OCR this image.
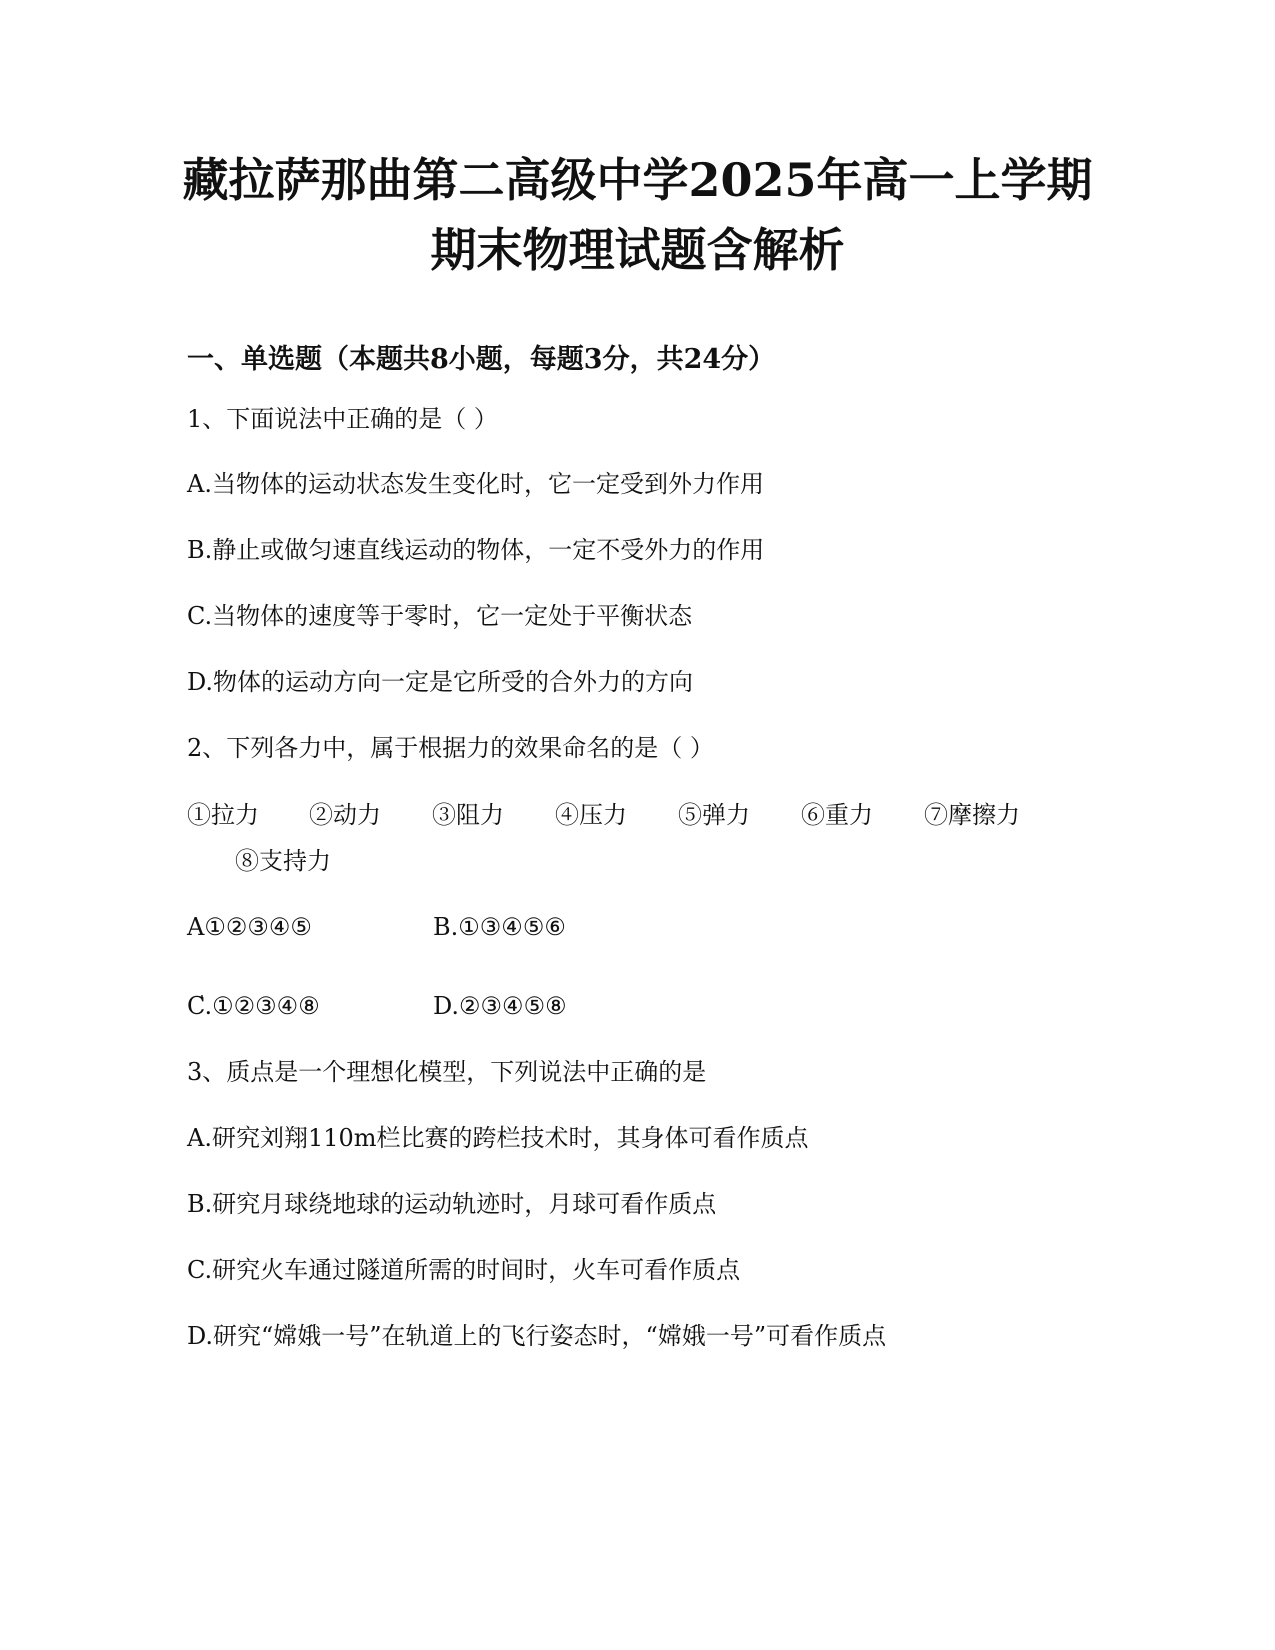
藏拉萨那曲第二高级中学2025年高一上学期
期末物理试题含解析
一、单选题（本题共8小题，每题3分，共24分）
1、下面说法中正确的是（ ）
A.当物体的运动状态发生变化时，它一定受到外力作用
B.静止或做匀速直线运动的物体，一定不受外力的作用
C.当物体的速度等于零时，它一定处于平衡状态
D.物体的运动方向一定是它所受的合外力的方向
2、下列各力中，属于根据力的效果命名的是（ ）
①拉力 ②动力 ③阻力 ④压力 ⑤弹力 ⑥重力 ⑦摩擦力
⑧支持力
A①②③④⑤	B.①③④⑤⑥
C.①②③④⑧	D.②③④⑤⑧
3、质点是一个理想化模型，下列说法中正确的是
A.研究刘翔110m栏比赛的跨栏技术时，其身体可看作质点
B.研究月球绕地球的运动轨迹时，月球可看作质点
C.研究火车通过隧道所需的时间时，火车可看作质点
D.研究“嫦娥一号”在轨道上的飞行姿态时，“嫦娥一号”可看作质点
